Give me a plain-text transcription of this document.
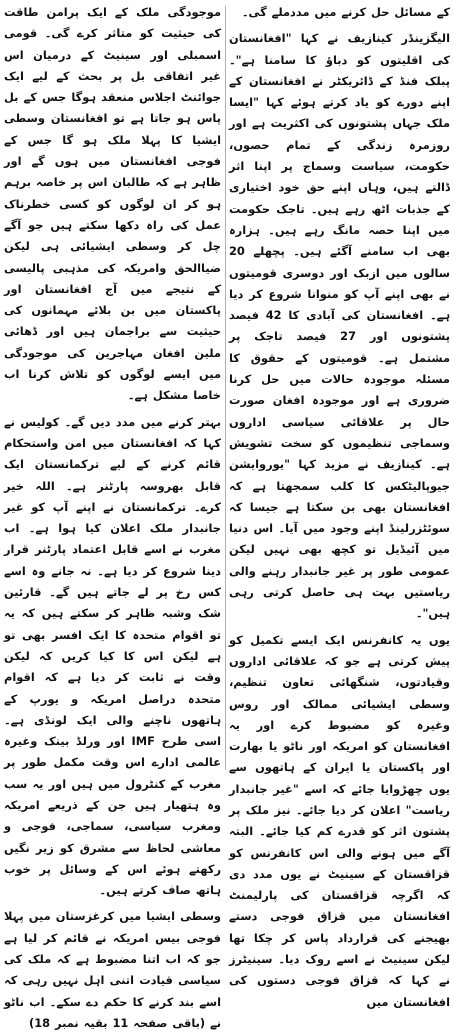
کے مسائل حل کرنے میں مددملے گی۔

الیگزینڈر کینازیف نے کہا "افغانستان کی اقلیتوں کو دباؤ کا سامنا ہے"۔ پبلک فنڈ کے ڈائریکٹر نے افغانستان کے اپنے دورے کو یاد کرتے ہوئے کہا "ایسا ملک جہاں پشتونوں کی اکثریت ہے اور روزمرہ زندگی کے تمام حصوں، حکومت، سیاست وسماج پر اپنا اثر ڈالتے ہیں، وہاں اپنے حق خود اختیاری کے جذبات اٹھ رہے ہیں۔ تاجک حکومت میں اپنا حصہ مانگ رہے ہیں۔ ہزارہ بھی اب سامنے آگئے ہیں۔ پچھلے 20 سالوں میں ازبک اور دوسری قومیتوں نے بھی اپنے آپ کو منوانا شروع کر دیا ہے۔ افغانستان کی آبادی کا 42 فیصد پشتونوں اور 27 فیصد تاجک پر مشتمل ہے۔ قومیتوں کے حقوق کا مسئلہ موجودہ حالات میں حل کرنا ضروری ہے اور موجودہ افغان صورت حال پر علاقائی سیاسی اداروں وسماجی تنظیموں کو سخت تشویش ہے۔ کینازیف نے مزید کہا "یوروایشن جیوپالیٹکس کا کلب سمجھتا ہے کہ افغانستان بھی بن سکتا ہے جیسا کہ سوئٹزرلینڈ اپنے وجود میں آیا۔ اس دنیا میں آئیڈیل تو کچھ بھی نہیں لیکن عمومی طور پر غیر جانبدار رہنے والی ریاستیں بہت ہی حاصل کرتی رہی ہیں"۔

یوں یہ کانفرنس ایک ایسے تکمیل کو پیش کرتی ہے جو کہ علاقائی اداروں وقیادتوں، شنگھائی تعاون تنظیم، وسطی ایشیائی ممالک اور روس وغیرہ کو مضبوط کرے اور یہ افغانستان کو امریکہ اور ناٹو یا بھارت اور پاکستان یا ایران کے ہاتھوں سے یوں چھڑوایا جائے کہ اسے "غیر جانبدار ریاست" اعلان کر دیا جائے۔ نیز ملک پر پشتون اثر کو قدرے کم کیا جائے۔ البتہ آگے میں ہونے والی اس کانفرنس کو قزاقستان کے سینیٹ نے یوں مدد دی کہ اگرچہ قزاقستان کی پارلیمنٹ افغانستان میں قزاق فوجی دستے بھیجنے کی قرارداد پاس کر چکا تھا لیکن سینیٹ نے اسے روک دیا۔ سینیٹرز نے کہا کہ قزاق فوجی دستوں کی افغانستان میں

موجودگی ملک کے ایک پرامن طاقت کی حیثیت کو متاثر کرے گی۔ قومی اسمبلی اور سینیٹ کے درمیان اس غیر اتفاقی بل پر بحث کے لیے ایک جوائنٹ اجلاس منعقد ہوگا جس کے بل پاس ہو جاتا ہے تو افغانستان وسطی ایشیا کا پہلا ملک ہو گا جس کے فوجی افغانستان میں ہوں گے اور ظاہر ہے کہ طالبان اس پر خاصہ برہم ہو کر ان لوگوں کو کسی خطرناک عمل کی راہ دکھا سکتے ہیں جو آگے چل کر وسطی ایشیائی ہی لیکن ضیاالحق وامریکہ کی مذہبی پالیسی کے نتیجے میں آج افغانستان اور پاکستان میں بن بلائے مہمانوں کی حیثیت سے براجمان ہیں اور ڈھائی ملین افغان مہاجرین کی موجودگی میں ایسے لوگوں کو تلاش کرنا اب خاصا مشکل ہے۔

بہتر کرنے میں مدد دیں گے۔ کولیس نے کہا کہ افغانستان میں امن واستحکام قائم کرنے کے لیے ترکمانستان ایک قابل بھروسہ پارٹنر ہے۔ اللہ خیر کرے۔ ترکمانستان نے اپنے آپ کو غیر جانبدار ملک اعلان کیا ہوا ہے۔ اب مغرب نے اسے قابل اعتماد پارٹنر قرار دینا شروع کر دیا ہے۔ نہ جانے وہ اسے کس رخ پر لے جاتے ہیں گے۔ قارئین شک وشبہ ظاہر کر سکتے ہیں کہ یہ تو اقوام متحدہ کا ایک افسر بھی تو ہے لیکن اس کا کیا کریں کہ لیکن وقت نے ثابت کر دیا ہے کہ اقوام متحدہ دراصل امریکہ و یورپ کے ہاتھوں ناچنے والی ایک لونڈی ہے۔ اسی طرح IMF اور ورلڈ بینک وغیرہ عالمی ادارے اس وقت مکمل طور پر مغرب کے کنٹرول میں ہیں اور یہ سب وہ ہتھیار ہیں جن کے ذریعے امریکہ ومغرب سیاسی، سماجی، فوجی و معاشی لحاظ سے مشرق کو زیر نگیں رکھتے ہوئے اس کے وسائل پر خوب ہاتھ صاف کرتے ہیں۔

وسطی ایشیا میں کرغزستان میں پہلا فوجی بیس امریکہ نے قائم کر لیا ہے جو کہ اب اتنا مضبوط ہے کہ ملک کی سیاسی قیادت اتنی اہل نہیں رہی کہ اسے بند کرنے کا حکم دے سکے۔ اب ناٹو نے (باقی صفحہ 11 بقیہ نمبر 18)
